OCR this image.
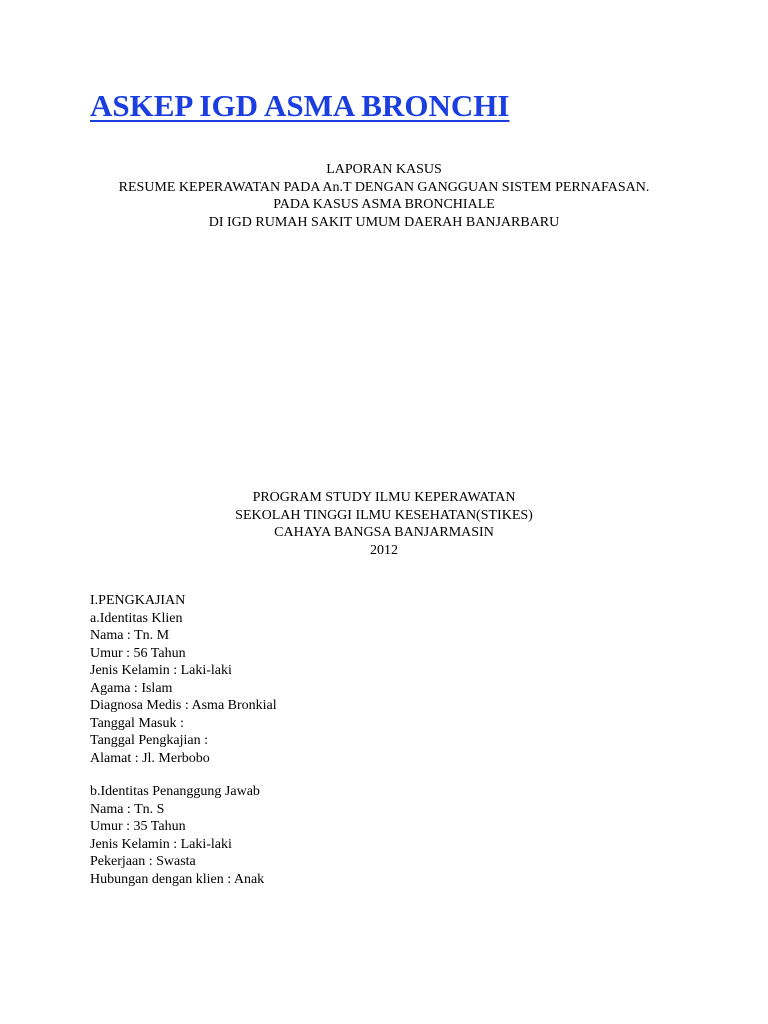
ASKEP IGD ASMA BRONCHI
LAPORAN KASUS
RESUME KEPERAWATAN PADA An.T DENGAN GANGGUAN SISTEM PERNAFASAN.
PADA KASUS ASMA BRONCHIALE
DI IGD RUMAH SAKIT UMUM DAERAH BANJARBARU
PROGRAM STUDY ILMU KEPERAWATAN
SEKOLAH TINGGI ILMU KESEHATAN(STIKES)
CAHAYA BANGSA BANJARMASIN
2012
I.PENGKAJIAN
a.Identitas Klien
Nama : Tn. M
Umur : 56 Tahun
Jenis Kelamin : Laki-laki
Agama : Islam
Diagnosa Medis : Asma Bronkial
Tanggal Masuk :
Tanggal Pengkajian :
Alamat : Jl. Merbobo
b.Identitas Penanggung Jawab
Nama : Tn. S
Umur : 35 Tahun
Jenis Kelamin : Laki-laki
Pekerjaan : Swasta
Hubungan dengan klien : Anak
